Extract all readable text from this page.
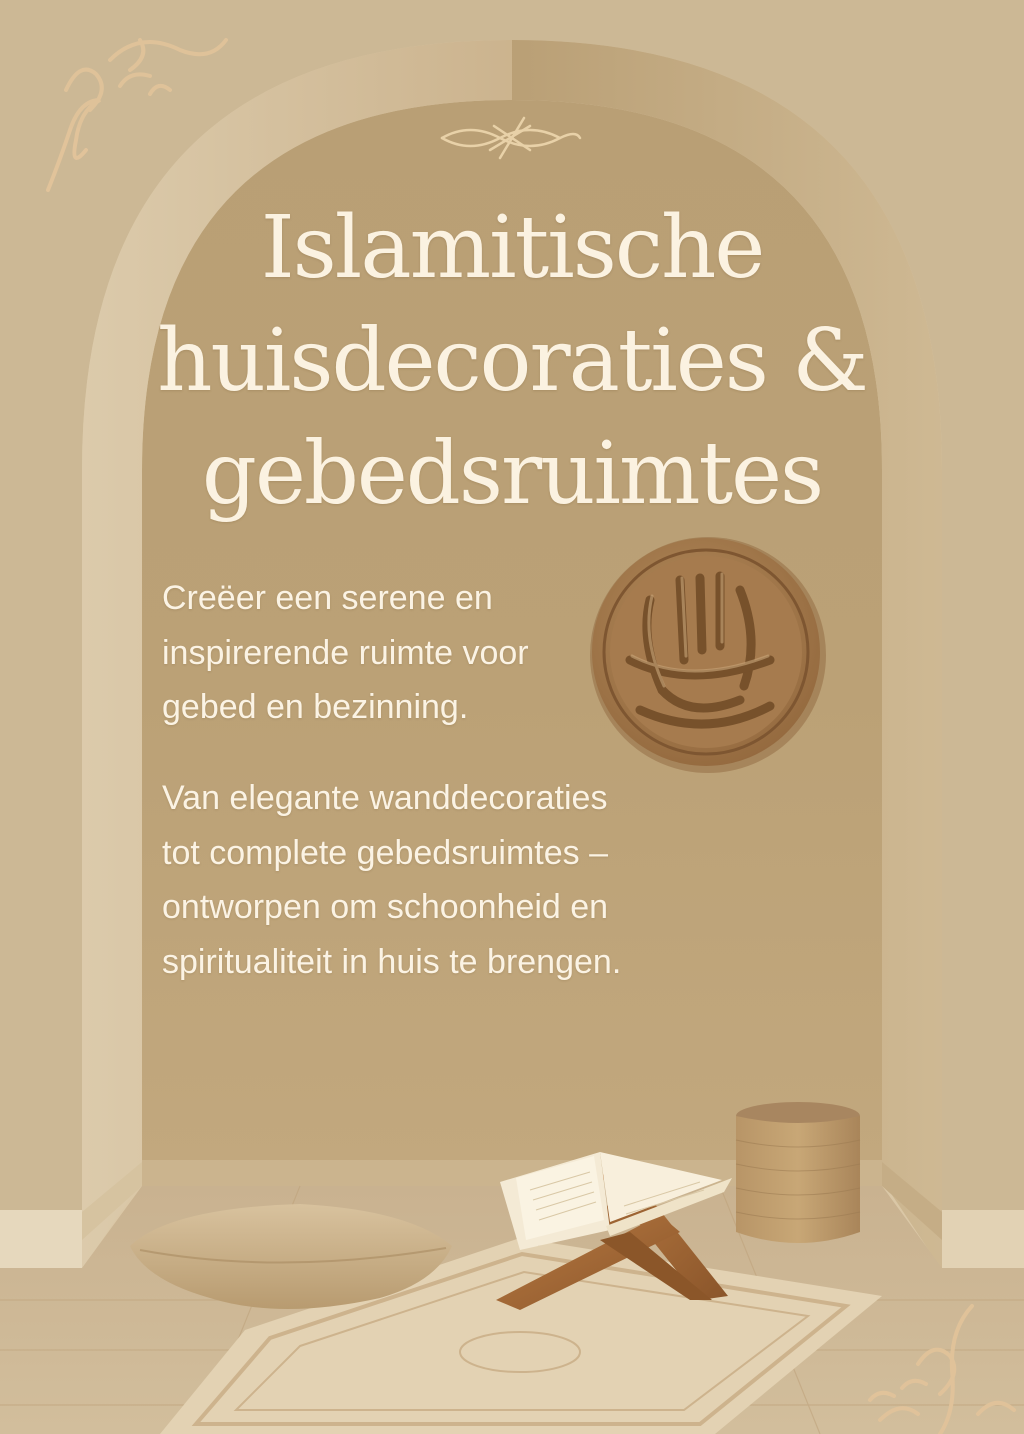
Islamitische
huisdecoraties &
gebedsruimtes

Creëer een serene en
inspirerende ruimte voor
gebed en bezinning.

Van elegante wanddecoraties
tot complete gebedsruimtes –
ontworpen om schoonheid en
spiritualiteit in huis te brengen.
